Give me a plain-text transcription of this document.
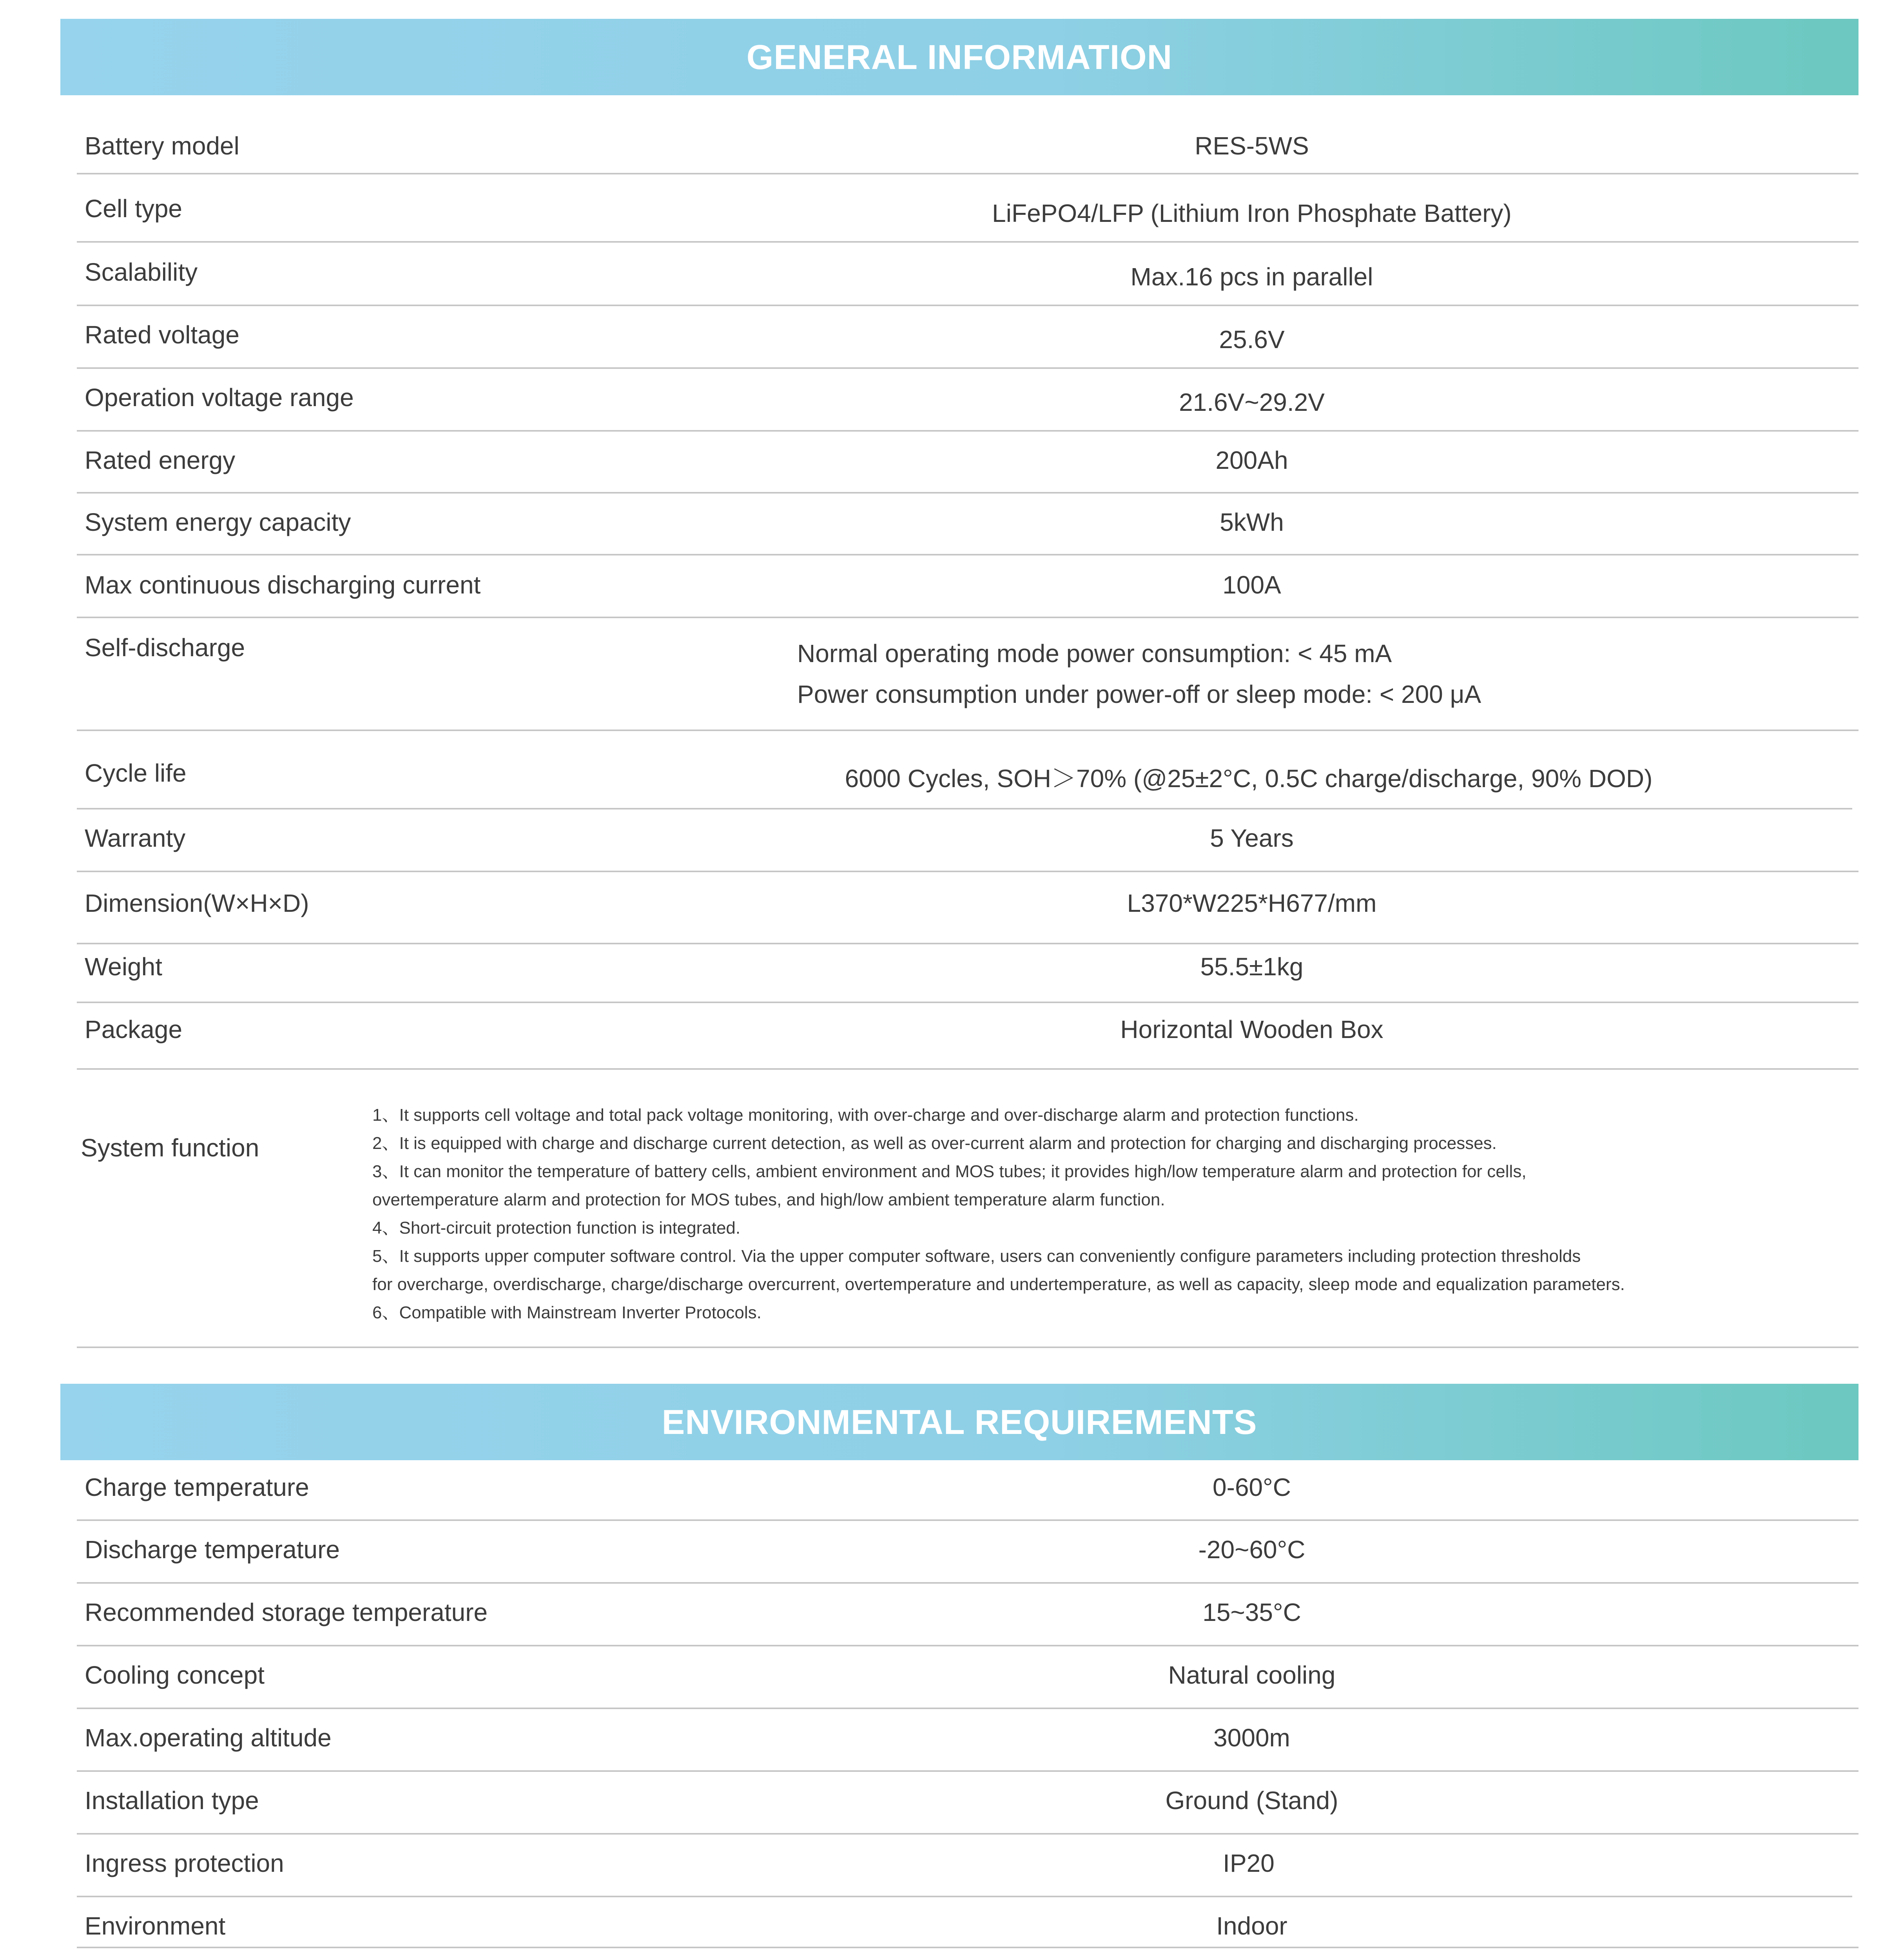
GENERAL INFORMATION
Battery model	RES-5WS
Cell type	LiFePO4/LFP (Lithium Iron Phosphate Battery)
Scalability	Max.16 pcs in parallel
Rated voltage	25.6V
Operation voltage range	21.6V~29.2V
Rated energy	200Ah
System energy capacity	5kWh
Max continuous discharging current	100A
Self-discharge	Normal operating mode power consumption: < 45 mA
Power consumption under power-off or sleep mode: < 200 μA
Cycle life	6000 Cycles, SOH＞70% (@25±2°C, 0.5C charge/discharge, 90% DOD)
Warranty	5 Years
Dimension(W×H×D)	L370*W225*H677/mm
Weight	55.5±1kg
Package	Horizontal Wooden Box
System function
1、It supports cell voltage and total pack voltage monitoring, with over-charge and over-discharge alarm and protection functions.
2、It is equipped with charge and discharge current detection, as well as over-current alarm and protection for charging and discharging processes.
3、It can monitor the temperature of battery cells, ambient environment and MOS tubes; it provides high/low temperature alarm and protection for cells,
overtemperature alarm and protection for MOS tubes, and high/low ambient temperature alarm function.
4、Short-circuit protection function is integrated.
5、It supports upper computer software control. Via the upper computer software, users can conveniently configure parameters including protection thresholds
for overcharge, overdischarge, charge/discharge overcurrent, overtemperature and undertemperature, as well as capacity, sleep mode and equalization parameters.
6、Compatible with Mainstream Inverter Protocols.
ENVIRONMENTAL REQUIREMENTS
Charge temperature	0-60°C
Discharge temperature	-20~60°C
Recommended storage temperature	15~35°C
Cooling concept	Natural cooling
Max.operating altitude	3000m
Installation type	Ground (Stand)
Ingress protection	IP20
Environment	Indoor
